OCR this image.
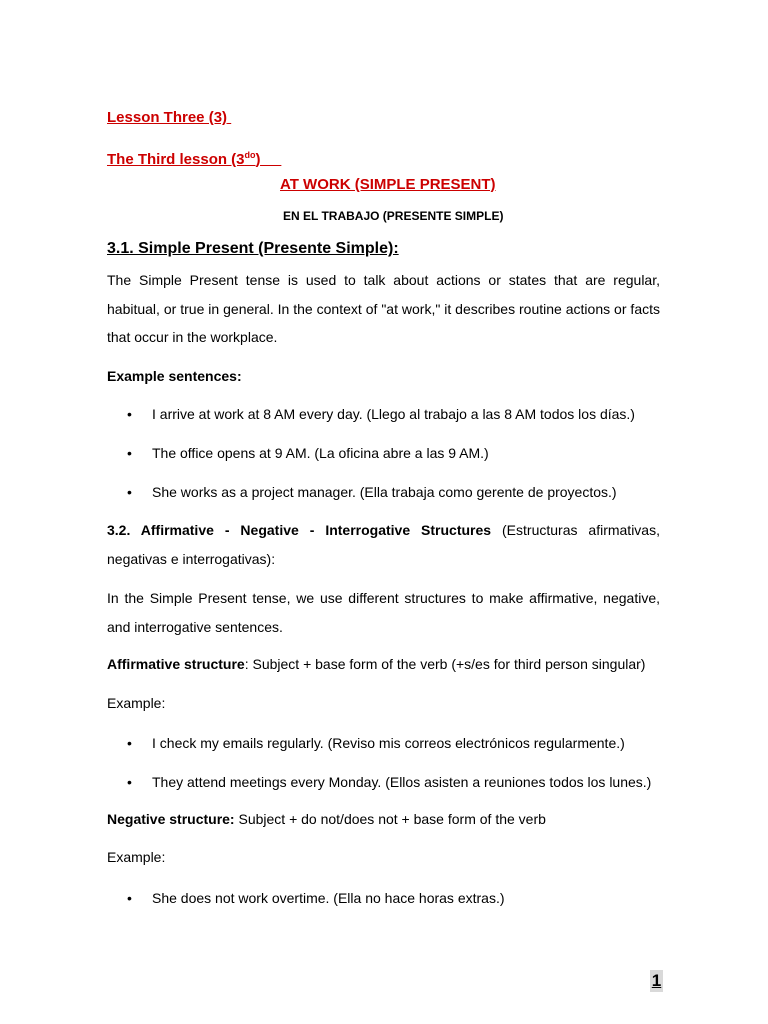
Lesson Three (3)
The Third lesson $(3^{do})$
AT WORK (SIMPLE PRESENT)
EN EL TRABAJO (PRESENTE SIMPLE)
3.1. Simple Present (Presente Simple):
The Simple Present tense is used to talk about actions or states that are regular, habitual, or true in general. In the context of "at work," it describes routine actions or facts that occur in the workplace.
Example sentences:
• I arrive at work at 8 AM every day. (Llego al trabajo a las 8 AM todos los días.)
• The office opens at 9 AM. (La oficina abre a las 9 AM.)
• She works as a project manager. (Ella trabaja como gerente de proyectos.)
3.2. Affirmative - Negative - Interrogative Structures (Estructuras afirmativas, negativas e interrogativas):
In the Simple Present tense, we use different structures to make affirmative, negative, and interrogative sentences.
Affirmative structure: Subject + base form of the verb (+s/es for third person singular)
Example:
• I check my emails regularly. (Reviso mis correos electrónicos regularmente.)
• They attend meetings every Monday. (Ellos asisten a reuniones todos los lunes.)
Negative structure: Subject + do not/does not + base form of the verb
Example:
• She does not work overtime. (Ella no hace horas extras.)
1
